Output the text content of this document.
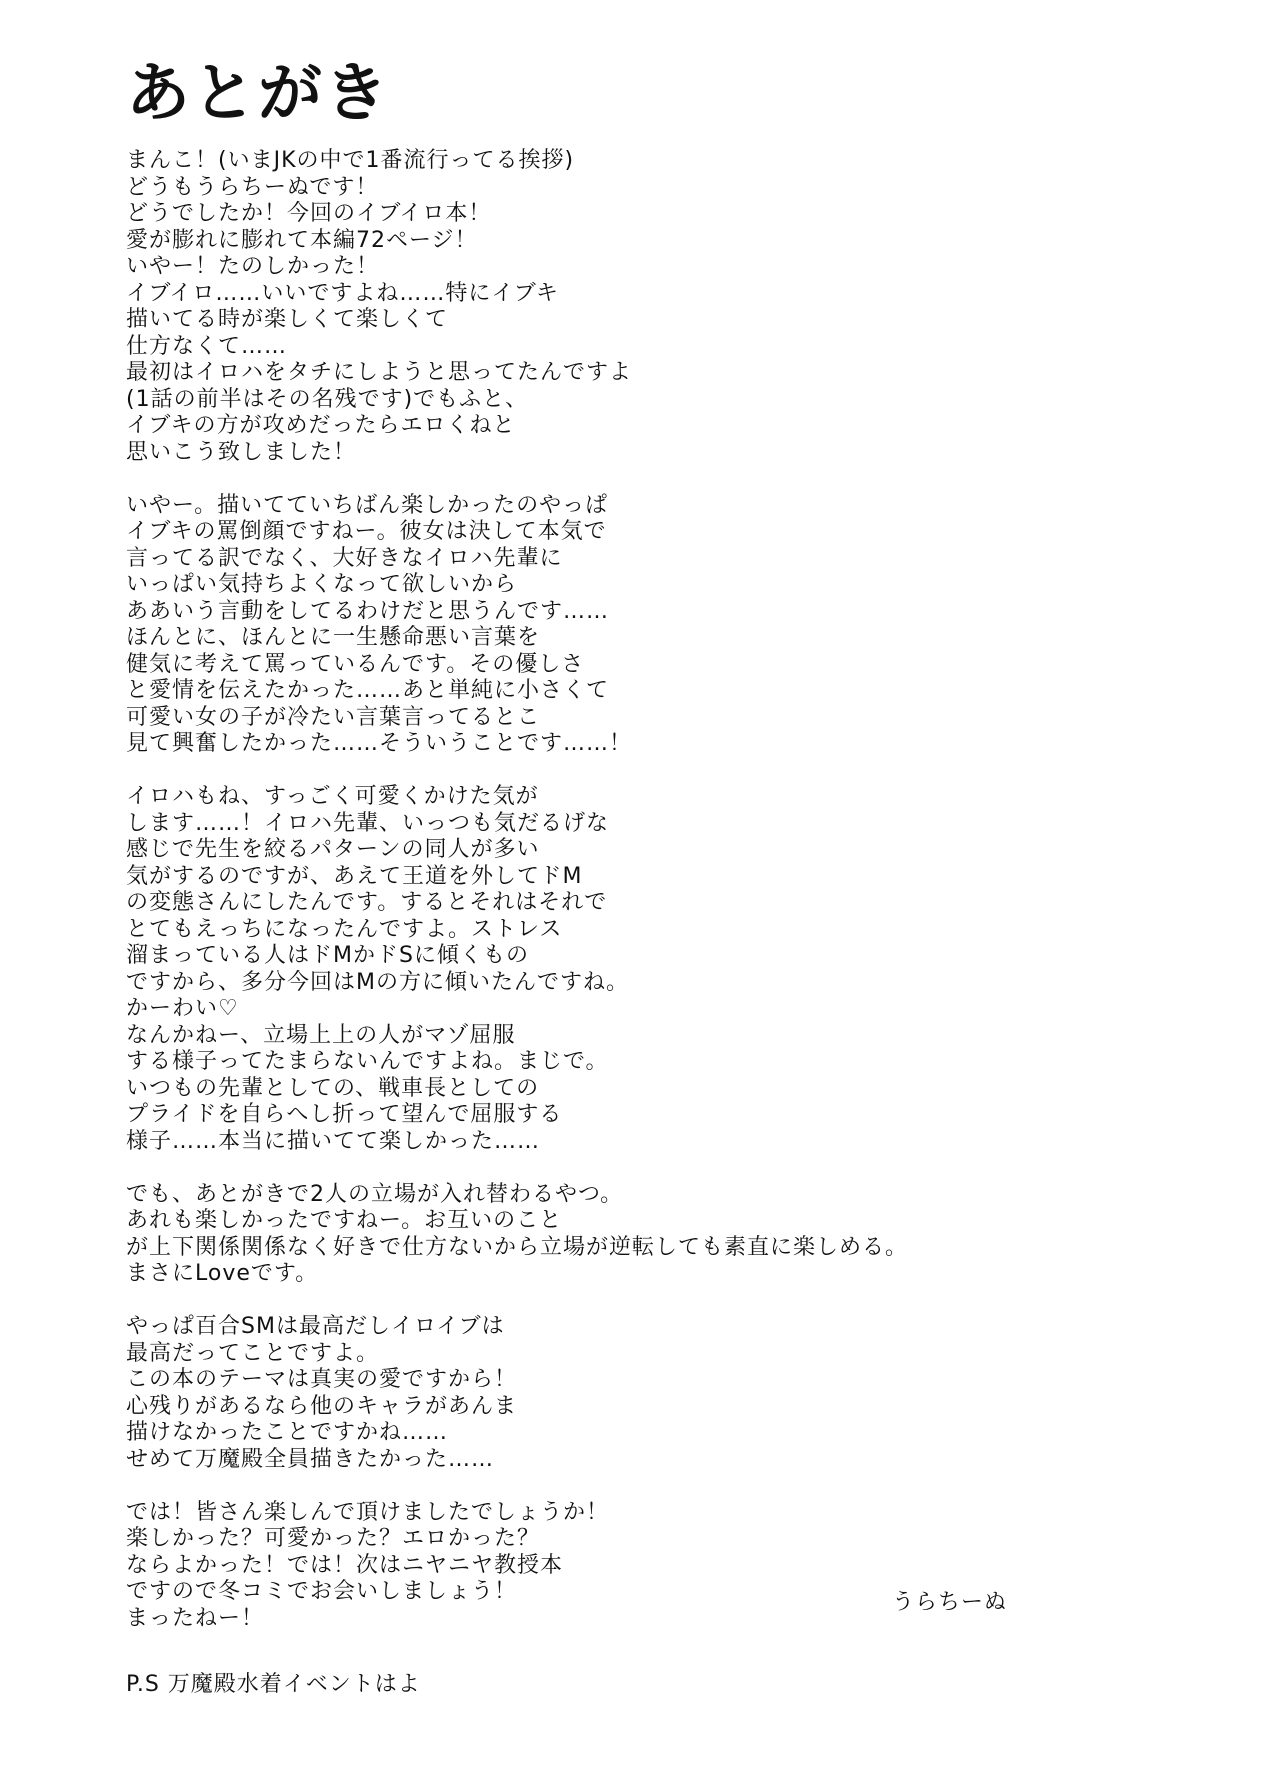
あとがき
まんこ！(いまJKの中で1番流行ってる挨拶)
どうもうらちーぬです！
どうでしたか！今回のイブイロ本！
愛が膨れに膨れて本編72ページ！
いやー！たのしかった！
イブイロ……いいですよね……特にイブキ
描いてる時が楽しくて楽しくて
仕方なくて……
最初はイロハをタチにしようと思ってたんですよ
(1話の前半はその名残です)でもふと、
イブキの方が攻めだったらエロくねと
思いこう致しました！
いやー。描いてていちばん楽しかったのやっぱ
イブキの罵倒顔ですねー。彼女は決して本気で
言ってる訳でなく、大好きなイロハ先輩に
いっぱい気持ちよくなって欲しいから
ああいう言動をしてるわけだと思うんです……
ほんとに、ほんとに一生懸命悪い言葉を
健気に考えて罵っているんです。その優しさ
と愛情を伝えたかった……あと単純に小さくて
可愛い女の子が冷たい言葉言ってるとこ
見て興奮したかった……そういうことです……！
イロハもね、すっごく可愛くかけた気が
します……！イロハ先輩、いっつも気だるげな
感じで先生を絞るパターンの同人が多い
気がするのですが、あえて王道を外してドM
の変態さんにしたんです。するとそれはそれで
とてもえっちになったんですよ。ストレス
溜まっている人はドMかドSに傾くもの
ですから、多分今回はMの方に傾いたんですね。
かーわい♡
なんかねー、立場上上の人がマゾ屈服
する様子ってたまらないんですよね。まじで。
いつもの先輩としての、戦車長としての
プライドを自らへし折って望んで屈服する
様子……本当に描いてて楽しかった……
でも、あとがきで2人の立場が入れ替わるやつ。
あれも楽しかったですねー。お互いのこと
が上下関係関係なく好きで仕方ないから立場が逆転しても素直に楽しめる。
まさにLoveです。
やっぱ百合SMは最高だしイロイブは
最高だってことですよ。
この本のテーマは真実の愛ですから！
心残りがあるなら他のキャラがあんま
描けなかったことですかね……
せめて万魔殿全員描きたかった……
では！皆さん楽しんで頂けましたでしょうか！
楽しかった？可愛かった？エロかった？
ならよかった！では！次はニヤニヤ教授本
ですので冬コミでお会いしましょう！
まったねー！
うらちーぬ
P.S 万魔殿水着イベントはよ
